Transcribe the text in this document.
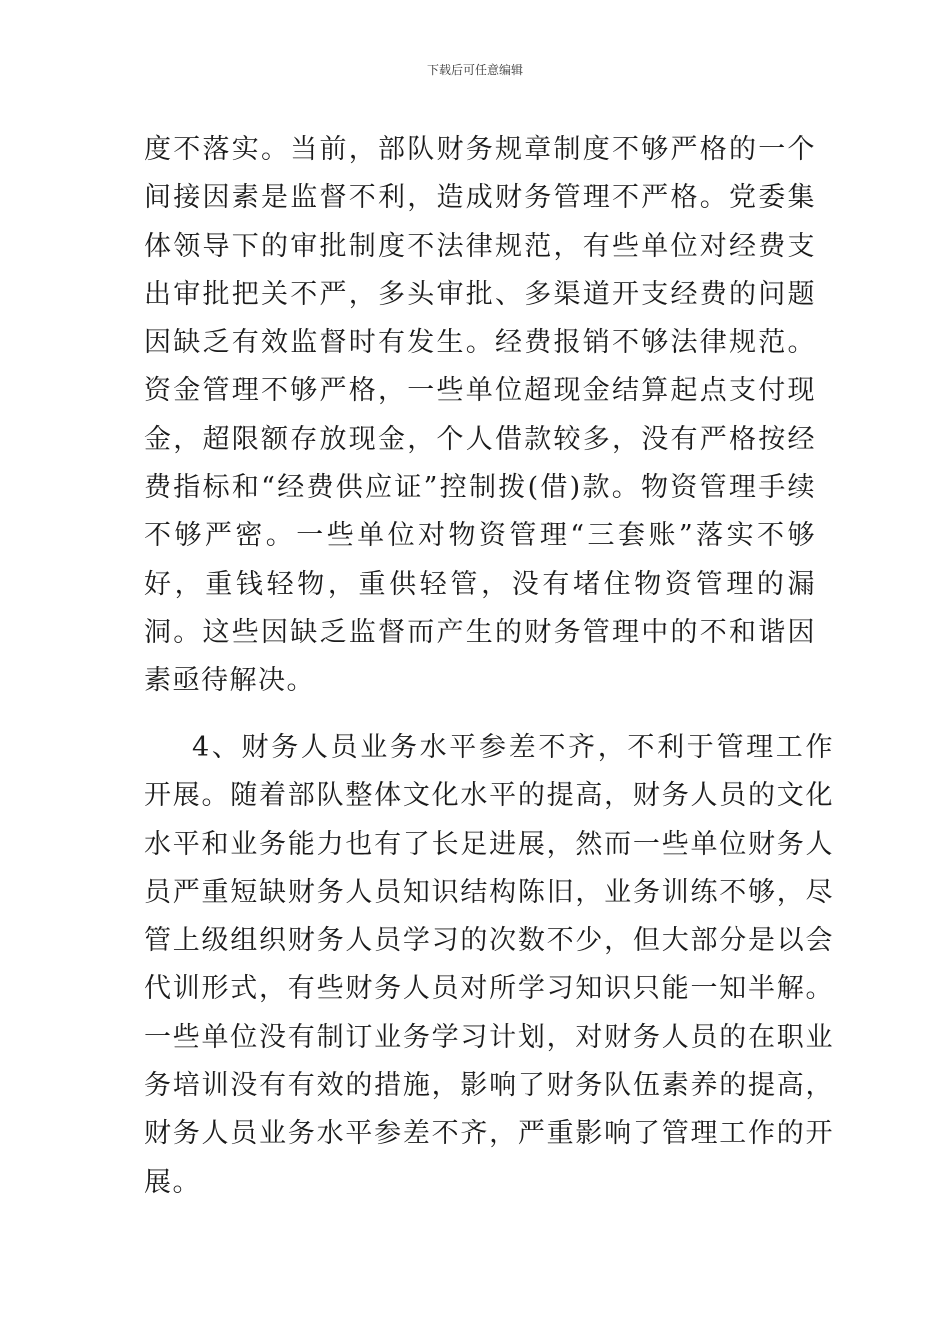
下载后可任意编辑

度不落实。当前，部队财务规章制度不够严格的一个间接因素是监督不利，造成财务管理不严格。党委集体领导下的审批制度不法律规范，有些单位对经费支出审批把关不严，多头审批、多渠道开支经费的问题因缺乏有效监督时有发生。经费报销不够法律规范。资金管理不够严格，一些单位超现金结算起点支付现金，超限额存放现金，个人借款较多，没有严格按经费指标和“经费供应证”控制拨(借)款。物资管理手续不够严密。一些单位对物资管理“三套账”落实不够好，重钱轻物，重供轻管，没有堵住物资管理的漏洞。这些因缺乏监督而产生的财务管理中的不和谐因素亟待解决。

4、财务人员业务水平参差不齐，不利于管理工作开展。随着部队整体文化水平的提高，财务人员的文化水平和业务能力也有了长足进展，然而一些单位财务人员严重短缺财务人员知识结构陈旧，业务训练不够，尽管上级组织财务人员学习的次数不少，但大部分是以会代训形式，有些财务人员对所学习知识只能一知半解。一些单位没有制订业务学习计划，对财务人员的在职业务培训没有有效的措施，影响了财务队伍素养的提高，财务人员业务水平参差不齐，严重影响了管理工作的开展。
